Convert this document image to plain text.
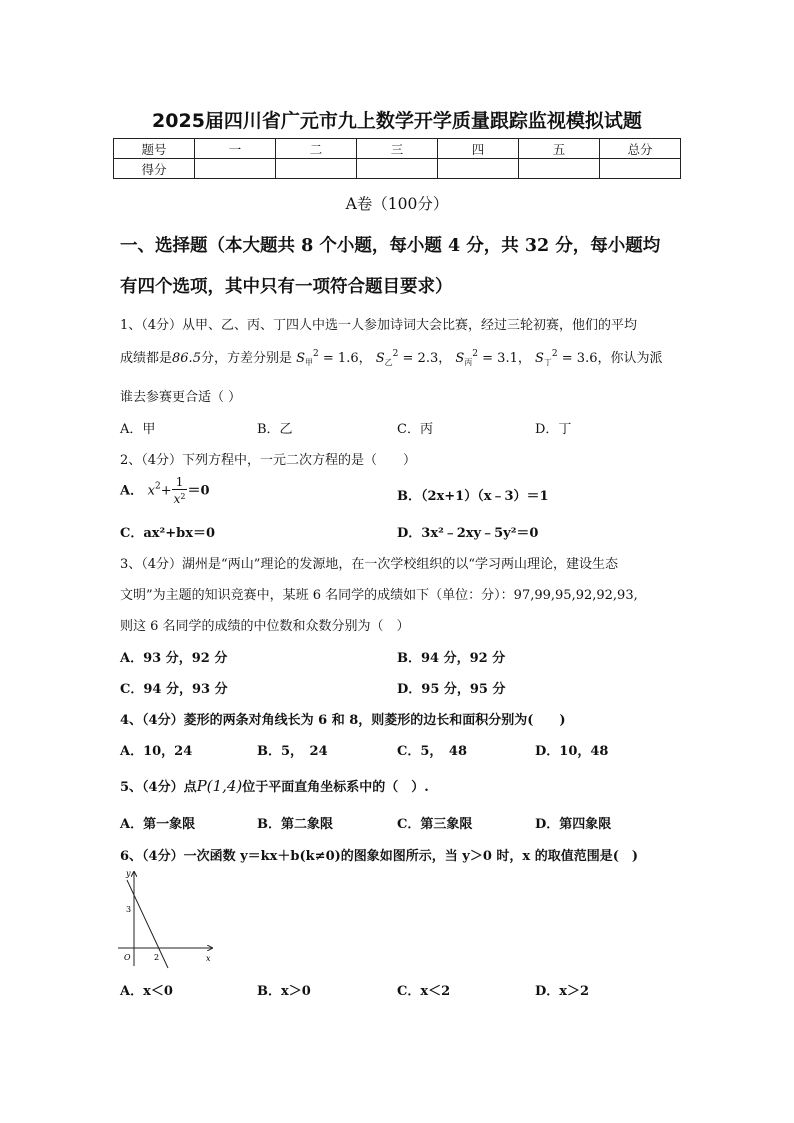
2025届四川省广元市九上数学开学质量跟踪监视模拟试题
题号	一	二	三	四	五	总分
得分						
A卷（100分）
一、选择题（本大题共 8 个小题，每小题 4 分，共 32 分，每小题均
有四个选项，其中只有一项符合题目要求）
1、（4分）从甲、乙、丙、丁四人中选一人参加诗词大会比赛，经过三轮初赛，他们的平均
成绩都是86.5分，方差分别是 $S_甲^2 = 1.6$， $S_乙^2 = 2.3$， $S_丙^2 = 3.1$， $S_丁^2 = 3.6$，你认为派
谁去参赛更合适（ ）
A．甲	B．乙	C．丙	D．丁
2、（4分）下列方程中，一元二次方程的是（　　）
A． $x^2+ \frac{1}{x^2} =0$	B．（2x+1）（x﹣3）＝1
C．ax²+bx＝0	D．3x²﹣2xy﹣5y²＝0
3、（4分）湖州是“两山”理论的发源地，在一次学校组织的以“学习两山理论，建设生态
文明”为主题的知识竞赛中，某班 6 名同学的成绩如下（单位：分）：97,99,95,92,92,93,
则这 6 名同学的成绩的中位数和众数分别为（　）
A．93 分，92 分	B．94 分，92 分
C．94 分，93 分	D．95 分，95 分
4、（4分）菱形的两条对角线长为 6 和 8，则菱形的边长和面积分别为(　　)
A．10，24	B．5，　24	C．5，　48	D．10，48
5、（4分）点P(1,4)位于平面直角坐标系中的（　）.
A．第一象限	B．第二象限	C．第三象限	D．第四象限
6、（4分）一次函数 y＝kx＋b(k≠0)的图象如图所示，当 y＞0 时，x 的取值范围是(　)
y
x
O
3
2
A．x＜0	B．x＞0	C．x＜2	D．x＞2
